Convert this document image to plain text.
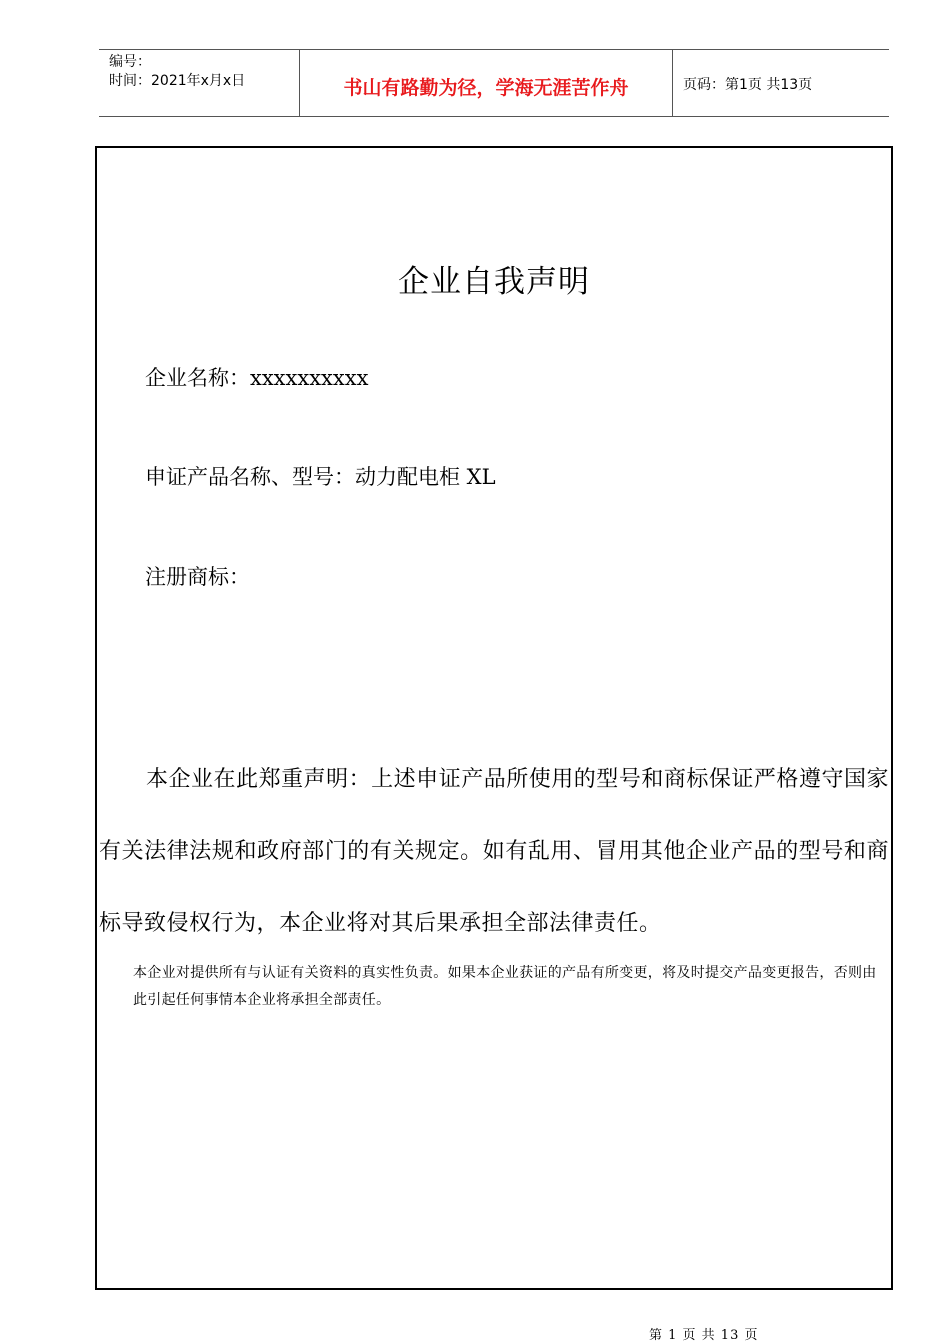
编号：
时间：2021年x月x日	书山有路勤为径，学海无涯苦作舟	页码：第1页 共13页
企业自我声明
企业名称：xxxxxxxxxx
申证产品名称、型号：动力配电柜 XL
注册商标：
本企业在此郑重声明：上述申证产品所使用的型号和商标保证严格遵守国家有关法律法规和政府部门的有关规定。如有乱用、冒用其他企业产品的型号和商标导致侵权行为，本企业将对其后果承担全部法律责任。
本企业对提供所有与认证有关资料的真实性负责。如果本企业获证的产品有所变更，将及时提交产品变更报告，否则由此引起任何事情本企业将承担全部责任。
第 1 页 共 13 页
